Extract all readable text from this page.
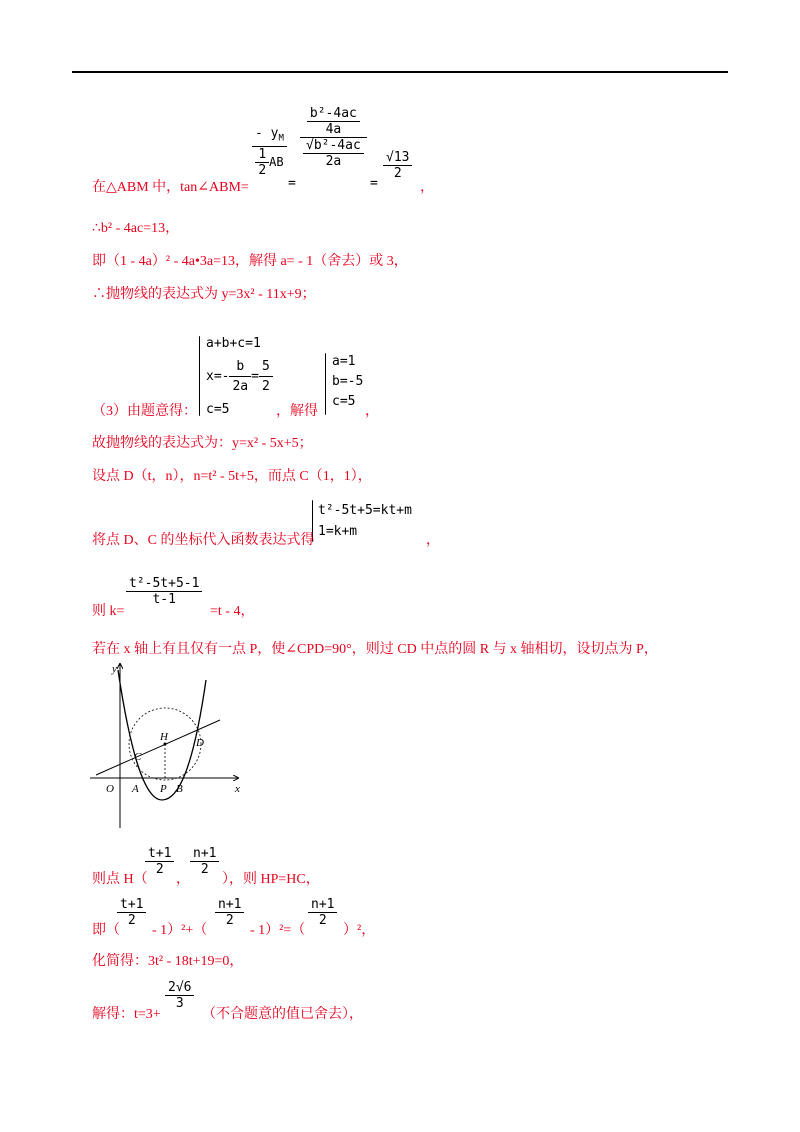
$\frac{- y_M}{\frac{1}{2} AB} \frac{\frac{\text{b²-4ac}}{4a}}{\frac{\text{√b²-4ac}}{2a}} \frac{√13}{2}$
在△ABM 中，tan∠ABM=	=	=	，
∴b² - 4ac=13，
即（1 - 4a）² - 4a•3a=13，解得 a= - 1（舍去）或 3，
∴抛物线的表达式为 y=3x² - 11x+9；
a+b+c=1
$x=- \frac{b}{2a} = \frac{5}{2}$
c=5
（3）由题意得：	，解得
a=1
b=-5
c=5
，
故抛物线的表达式为：y=x² - 5x+5；
设点 D（t，n），n=t² - 5t+5，而点 C（1，1），
t²-5t+5=kt+m
1=k+m
将点 D、C 的坐标代入函数表达式得	，
$\frac{\text{t²-5t+5-1}}{t-1}$
则 k=	=t - 4，
若在 x 轴上有且仅有一点 P，使∠CPD=90°，则过 CD 中点的圆 R 与 x 轴相切，设切点为 P，
y
x
O A P B
C
H	D
$\frac{t+1}{2} \frac{n+1}{2}$
则点 H（ ， ），则 HP=HC，
$\frac{t+1}{2}$	$\frac{n+1}{2}$	$\frac{n+1}{2}$
即（ - 1）²+（	- 1）²=（	）²，
化简得：3t² - 18t+19=0，
$\frac{2√6}{3}$
解得：t=3+	（不合题意的值已舍去），
